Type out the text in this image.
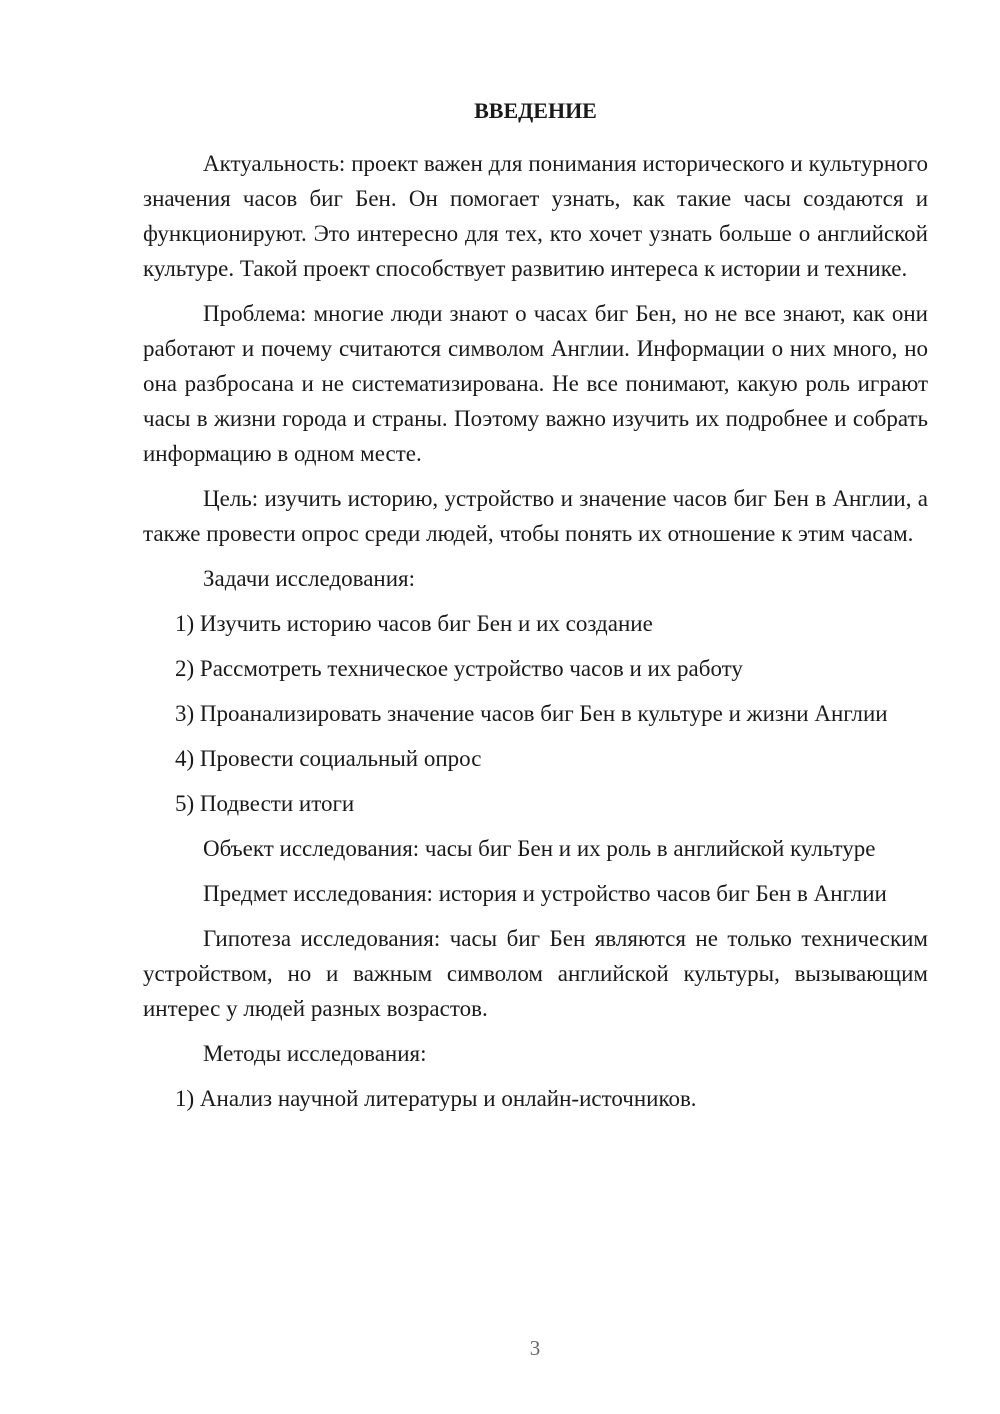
ВВЕДЕНИЕ

Актуальность: проект важен для понимания исторического и культурного значения часов биг Бен. Он помогает узнать, как такие часы создаются и функционируют. Это интересно для тех, кто хочет узнать больше о английской культуре. Такой проект способствует развитию интереса к истории и технике.

Проблема: многие люди знают о часах биг Бен, но не все знают, как они работают и почему считаются символом Англии. Информации о них много, но она разбросана и не систематизирована. Не все понимают, какую роль играют часы в жизни города и страны. Поэтому важно изучить их подробнее и собрать информацию в одном месте.

Цель: изучить историю, устройство и значение часов биг Бен в Англии, а также провести опрос среди людей, чтобы понять их отношение к этим часам.

Задачи исследования:

1) Изучить историю часов биг Бен и их создание

2) Рассмотреть техническое устройство часов и их работу

3) Проанализировать значение часов биг Бен в культуре и жизни Англии

4) Провести социальный опрос

5) Подвести итоги

Объект исследования: часы биг Бен и их роль в английской культуре

Предмет исследования: история и устройство часов биг Бен в Англии

Гипотеза исследования: часы биг Бен являются не только техническим устройством, но и важным символом английской культуры, вызывающим интерес у людей разных возрастов.

Методы исследования:

1) Анализ научной литературы и онлайн-источников.

3
